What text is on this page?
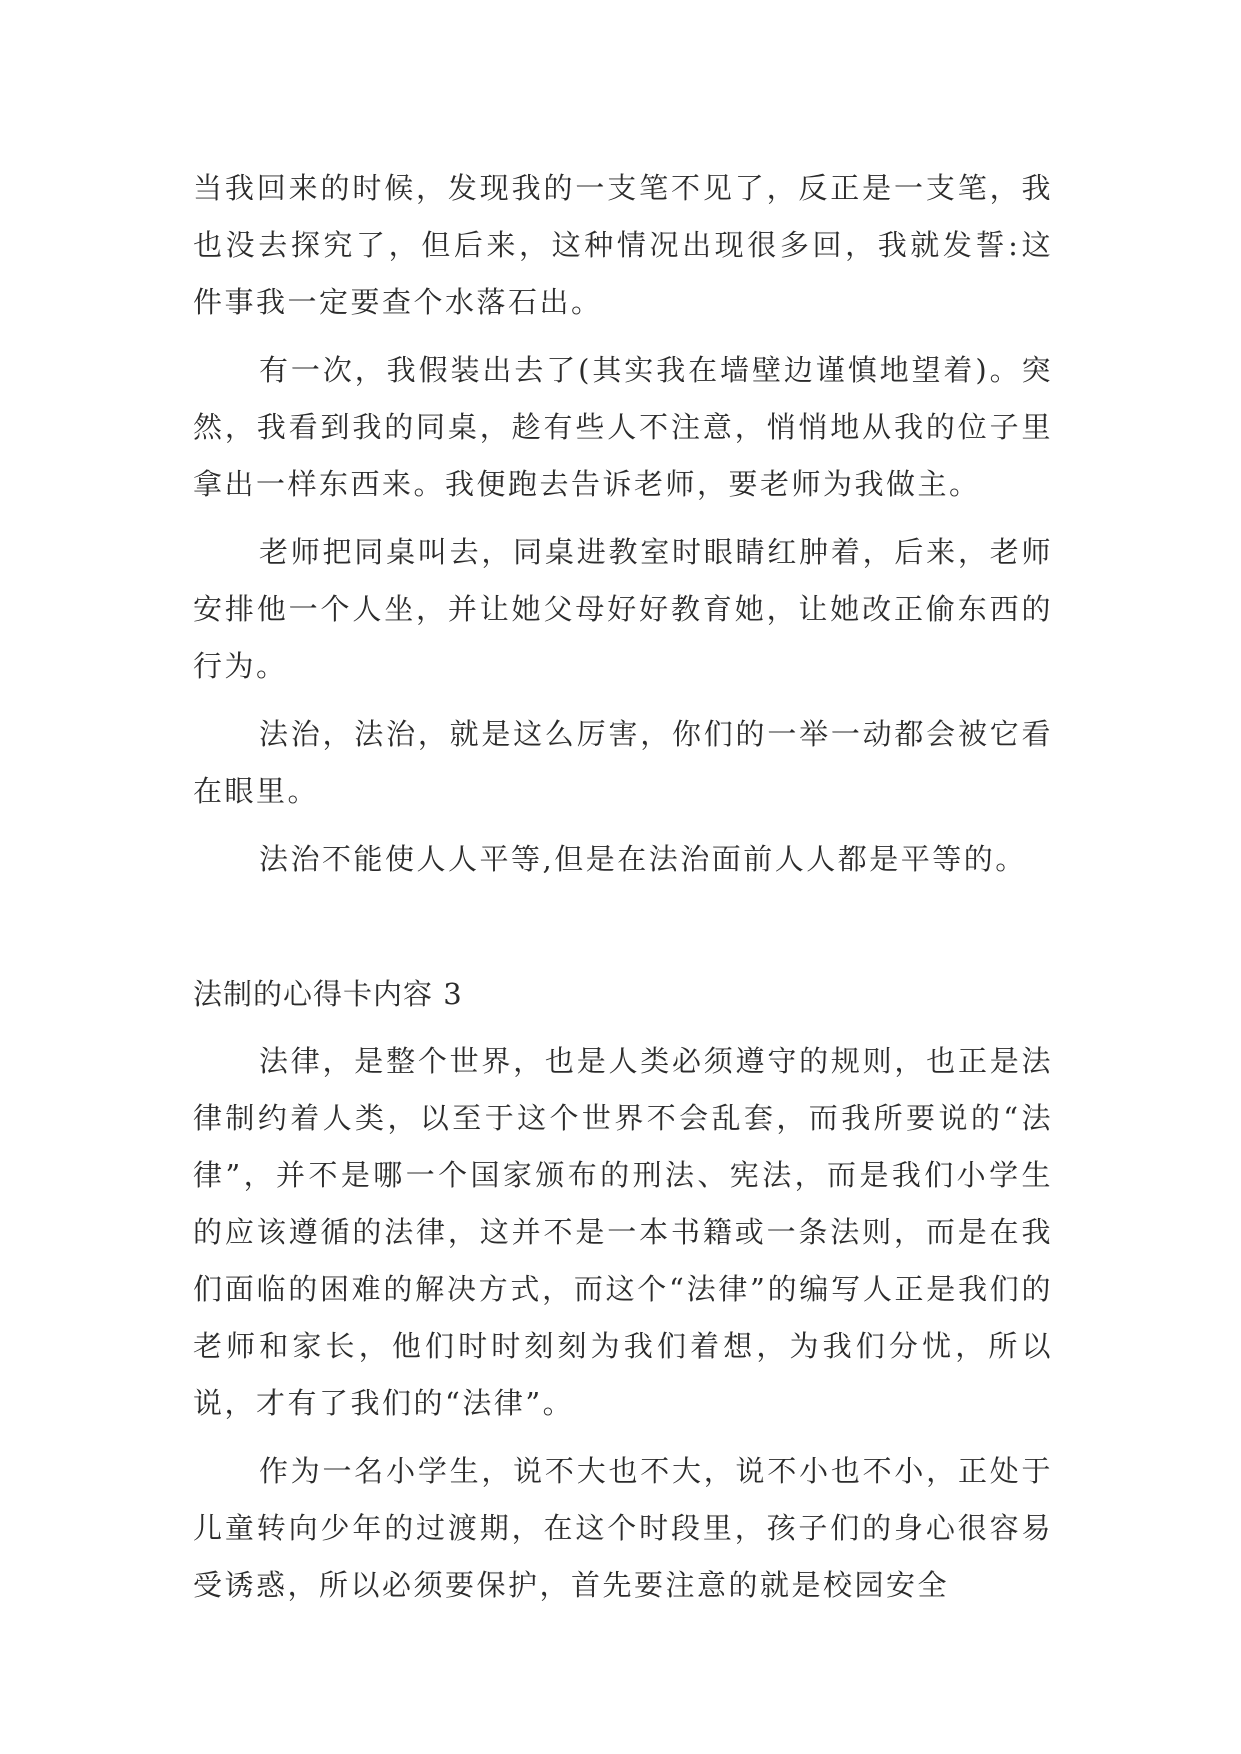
当我回来的时候，发现我的一支笔不见了，反正是一支笔，我也没去探究了，但后来，这种情况出现很多回，我就发誓:这件事我一定要查个水落石出。

有一次，我假装出去了(其实我在墙壁边谨慎地望着)。突然，我看到我的同桌，趁有些人不注意，悄悄地从我的位子里拿出一样东西来。我便跑去告诉老师，要老师为我做主。

老师把同桌叫去，同桌进教室时眼睛红肿着，后来，老师安排他一个人坐，并让她父母好好教育她，让她改正偷东西的行为。

法治，法治，就是这么厉害，你们的一举一动都会被它看在眼里。

法治不能使人人平等,但是在法治面前人人都是平等的。

法制的心得卡内容 3

法律，是整个世界，也是人类必须遵守的规则，也正是法律制约着人类，以至于这个世界不会乱套，而我所要说的“法律”，并不是哪一个国家颁布的刑法、宪法，而是我们小学生的应该遵循的法律，这并不是一本书籍或一条法则，而是在我们面临的困难的解决方式，而这个“法律”的编写人正是我们的老师和家长，他们时时刻刻为我们着想，为我们分忧，所以说，才有了我们的“法律”。

作为一名小学生，说不大也不大，说不小也不小，正处于儿童转向少年的过渡期，在这个时段里，孩子们的身心很容易受诱惑，所以必须要保护，首先要注意的就是校园安全
